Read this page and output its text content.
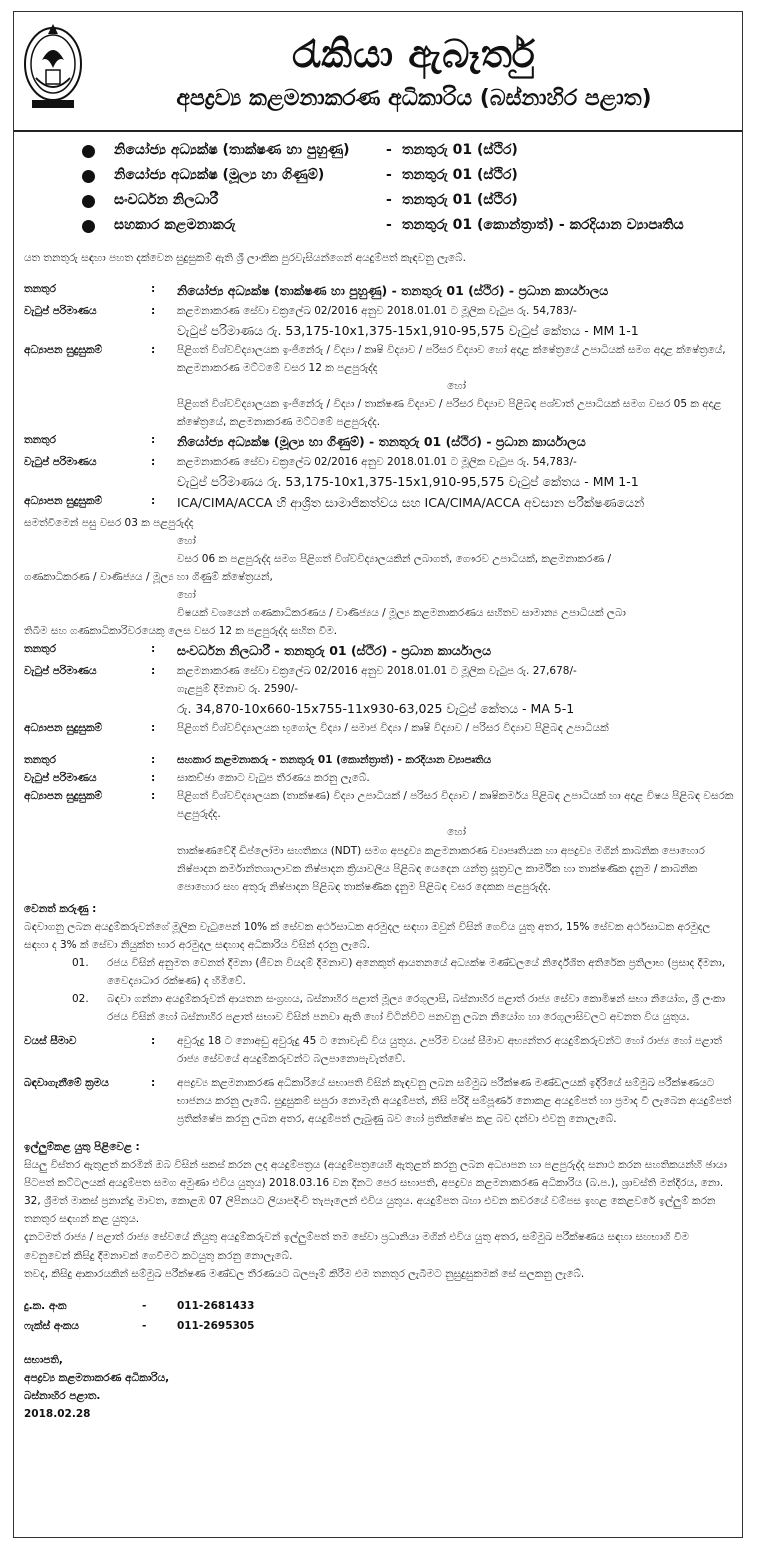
රැකියා ඇබෑර්තු
අපද්‍රව්‍ය කළමනාකරණ අධිකාරිය (බස්නාහිර පළාත)
නියෝජ්‍ය අධ්‍යක්ෂ (තාක්ෂණ හා පුහුණු)	- තනතුරු 01 (ස්ථිර)
නියෝජ්‍ය අධ්‍යක්ෂ (මූල්‍ය හා ගිණුම්)	- තනතුරු 01 (ස්ථිර)
සංවර්ධන නිලධාරී	- තනතුරු 01 (ස්ථිර)
සහකාර කළමනාකරු	- තනතුරු 01 (කොන්ත්‍රාත්) - කරදියාන ව්‍යාපෘතිය
යත තනතුරු සඳහා පහත දක්වෙන සුදුසුකම් ඇති ශ්‍රී ලාංකික පුරවැසියන්ගෙන් අයදුම්පත් කැඳවනු ලැබේ.
තනතුර	: නියෝජ්‍ය අධ්‍යක්ෂ (තාක්ෂණ හා පුහුණු) - තනතුරු 01 (ස්ථිර) - ප්‍රධාන කාර්යාලය
වැටුප් පරිමාණය	: කළමනාකරණ සේවා චක්‍රලේඛ 02/2016 අනුව 2018.01.01 ට මූලික වැටුප රු. 54,783/-
වැටුප් පරිමාණය රු. 53,175-10x1,375-15x1,910-95,575 වැටුප් කේතය - MM 1-1
අධ්‍යාපන සුදුසුකම්	: පිළිගත් විශ්වවිද්‍යාලයක ඉංජිනේරු / විද්‍යා / කෘෂි විද්‍යාව / පරිසර විද්‍යාව හෝ අදාළ ක්ෂේත්‍රයේ උපාධියක් සමග අදාළ ක්ෂේත්‍රයේ, කළමනාකරණ මට්ටමේ වසර 12 ක පළපුරුද්ද
හෝ
පිළිගත් විශ්වවිද්‍යාලයක ඉංජිනේරු / විද්‍යා / තාක්ෂණ විද්‍යාව / පරිසර විද්‍යාව පිළිබඳ පශ්චාත් උපාධියක් සමග වසර 05 ක අදාළ ක්ෂේත්‍රයේ, කළමනාකරණ මට්ටමේ පළපුරුද්ද.
තනතුර	: නියෝජ්‍ය අධ්‍යක්ෂ (මූල්‍ය හා ගිණුම්) - තනතුරු 01 (ස්ථිර) - ප්‍රධාන කාර්යාලය
වැටුප් පරිමාණය	: කළමනාකරණ සේවා චක්‍රලේඛ 02/2016 අනුව 2018.01.01 ට මූලික වැටුප රු. 54,783/-
වැටුප් පරිමාණය රු. 53,175-10x1,375-15x1,910-95,575 වැටුප් කේතය - MM 1-1
අධ්‍යාපන සුදුසුකම්	: ICA/CIMA/ACCA හි ආශ්‍රිත සාමාජිකත්වය සහ ICA/CIMA/ACCA අවසාන පරීක්ෂණයෙන්
සමත්වීමෙන් පසු වසර 03 ක පළපුරුද්ද
හෝ
වසර 06 ක පළපුරුද්ද සමග පිළිගත් විශ්වවිද්‍යාලයකින් ලබාගත්, ගෞරව උපාධියක්, කළමනාකරණ /
ගණකාධිකරණ / වාණිජ්‍යය / මූල්‍ය හා ගිණුම් ක්ෂේත්‍රයන්,
හෝ
විෂයක් වශයෙන් ගණකාධිකරණය / වාණිජ්‍යය / මූල්‍ය කළමනාකරණය සහිතව සාමාන්‍ය උපාධියක් ලබා
තිබීම සහ ගණකාධිකාරිවරයෙකු ලෙස වසර 12 ක පළපුරුද්ද සහිත වීම.
තනතුර	: සංවර්ධන නිලධාරී - තනතුරු 01 (ස්ථිර) - ප්‍රධාන කාර්යාලය
වැටුප් පරිමාණය	: කළමනාකරණ සේවා චක්‍රලේඛ 02/2016 අනුව 2018.01.01 ට මූලික වැටුප රු. 27,678/-
ගැළපුම් දීමනාව රු. 2590/-
රු. 34,870-10x660-15x755-11x930-63,025 වැටුප් කේතය - MA 5-1
අධ්‍යාපන සුදුසුකම්	: පිළිගත් විශ්වවිද්‍යාලයක භූගෝල විද්‍යා / සමාජ විද්‍යා / කෘෂි විද්‍යාව / පරිසර විද්‍යාව පිළිබඳ උපාධියක්
තනතුර	: සහකාර කළමනාකරු - තනතුරු 01 (කොන්ත්‍රාත්) - කරදියාන ව්‍යාපෘතිය
වැටුප් පරිමාණය	: සාකච්ඡා කොට වැටුප තීරණය කරනු ලැබේ.
අධ්‍යාපන සුදුසුකම්	: පිළිගත් විශ්වවිද්‍යාලයක (තාක්ෂණ) විද්‍යා උපාධියක් / පරිසර විද්‍යාව / කෘෂිකර්මය පිළිබඳ උපාධියක් හා අදාළ විෂය පිළිබඳ වසරක පළපුරුද්ද.
හෝ
තාක්ෂණවේදී ඩිප්ලෝමා සහතිකය (NDT) සමග අපද්‍රව්‍ය කළමනාකරණ ව්‍යාපෘතියක හා අපද්‍රව්‍ය මගින් කාබනික පොහොර නිෂ්පාදන කර්මාන්තශාලාවක නිෂ්පාදන ක්‍රියාවලිය පිළිබඳ යෙදෙන යන්ත්‍ර සූත්‍රවල කාර්මික හා තාක්ෂණික දැනුම / කාබනික පොහොර සහ අතුරු නිෂ්පාදන පිළිබඳ තාක්ෂණික දැනුම පිළිබඳ වසර දෙකක පළපුරුද්ද.
වෙනත් කරුණු :
බඳවාගනු ලබන අයදුම්කරුවන්ගේ මූලික වැටුපෙන් 10% ක් සේවක අර්ථසාධක අරමුදල සඳහා ඔවුන් විසින් ගෙවිය යුතු අතර, 15% සේවක අර්ථසාධක අරමුදල සඳහා ද 3% ක් සේවා නියුක්ත භාර අරමුදල සඳහාද අධිකාරිය විසින් දරනු ලැබේ.
01. රජය විසින් අනුමත වෙනත් දීමනා (ජීවන වියදම් දීමනාව) අනෙකුත් ආයතනයේ අධ්‍යක්ෂ මණ්ඩලයේ නිර්දේශිත අතිරේක ප්‍රතිලාභ (ප්‍රසාද දීමනා, වෛද්‍යාධාර රක්ෂණ) ද හිමිවේ.
02. බඳවා ගන්නා අයදුම්කරුවන් ආයතන සංග්‍රහය, බස්නාහිර පළාත් මූල්‍ය රෙගුලාසි, බස්නාහිර පළාත් රාජ්‍ය සේවා කොමිෂන් සභා නියෝග, ශ්‍රී ලංකා රජය විසින් හෝ බස්නාහිර පළාත් සභාව විසින් පනවා ඇති හෝ විටින්විට පනවනු ලබන නියෝග හා රෙගුලාසිවලට අවනත විය යුතුය.
වයස් සීමාව	: අවුරුදු 18 ට නොඅඩු අවුරුදු 45 ට නොවැඩි විය යුතුය. උපරිම වයස් සීමාව අභ්‍යන්තර අයදුම්කරුවන්ට හෝ රාජ්‍ය හෝ පළාත් රාජ්‍ය සේවයේ අයදුම්කරුවන්ට බලපානොපැවැත්වේ.
බඳවාගැනීමේ ක්‍රමය	: අපද්‍රව්‍ය කළමනාකරණ අධිකාරියේ සභාපති විසින් කැඳවනු ලබන සම්මුඛ පරීක්ෂණ මණ්ඩලයක් ඉදිරියේ සම්මුඛ පරීක්ෂණයට භාජනය කරනු ලැබේ. සුදුසුකම් සපුරා නොමැති අයදුම්පත්, නිසි පරිදි සම්පූර්ණ නොකළ අයදුම්පත් හා ප්‍රමාද වී ලැබෙන අයදුම්පත් ප්‍රතික්ෂේප කරනු ලබන අතර, අයදුම්පත් ලැබුණු බව හෝ ප්‍රතික්ෂේප කළ බව දන්වා එවනු නොලැබේ.
ඉල්ලුම්කළ යුතු පිළිවෙළ :
සියලු විස්තර ඇතුළත් කරමින් ඔබ විසින් සකස් කරන ලද අයදුම්පත්‍රය (අයදුම්පත්‍රයෙහි ඇතුළත් කරනු ලබන අධ්‍යාපන හා පළපුරුද්ද සනාථ කරන සහතිකයන්හි ඡායා පිටපත් කට්ටලයක් අයදුම්පත සමග අමුණා එවිය යුතුය) 2018.03.16 වන දිනට පෙර සභාපති, අපද්‍රව්‍ය කළමනාකරණ අධිකාරිය (බ.ප.), ශ්‍රාවස්ති මන්දිරය, නො. 32, ශ්‍රීමත් මාකස් ප්‍රනාන්දු මාවත, කොළඹ 07 ලිපිනයට ලියාපදිංචි තැපෑලෙන් එවිය යුතුය. අයදුම්පත බහා එවන කවරයේ වම්පස ඉහළ කෙළවරේ ඉල්ලුම් කරන තනතුර සඳහන් කළ යුතුය.
දැනටමත් රාජ්‍ය / පළාත් රාජ්‍ය සේවයේ නියුතු අයදුම්කරුවන් ඉල්ලුම්පත් තම සේවා ප්‍රධානියා මගින් එවිය යුතු අතර, සම්මුඛ පරීක්ෂණය සඳහා සහභාගි වීම වෙනුවෙන් කිසිදු දීමනාවක් ගෙවීමට කටයුතු කරනු නොලැබේ.
තවද, කිසිදු ආකාරයකින් සම්මුඛ පරීක්ෂණ මණ්ඩල තීරණයට බලපෑම් කිරීම එම තනතුර ලැබීමට නුසුදුසුකමක් සේ සලකනු ලැබේ.
දු.ක. අංක	-	011-2681433
ෆැක්ස් අංකය	-	011-2695305
සභාපති,
අපද්‍රව්‍ය කළමනාකරණ අධිකාරිය,
බස්නාහිර පළාත.
2018.02.28
